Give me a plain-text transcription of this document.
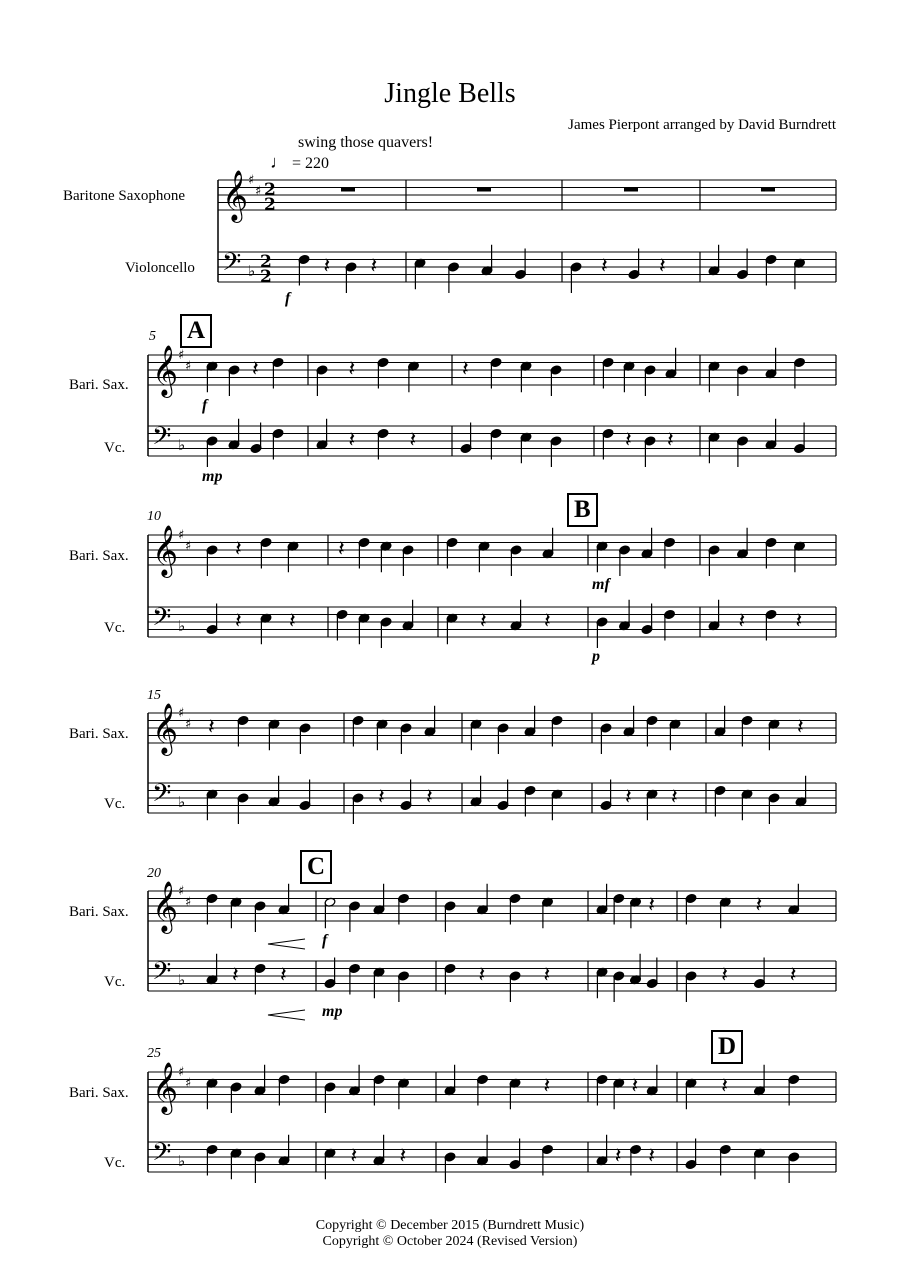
Jingle Bells
James Pierpont arranged by David Burndrett
swing those quavers!
♩ = 220
Baritone Saxophone
Violoncello
Bari. Sax.
Vc.
Bari. Sax.
Vc.
Bari. Sax.
Vc.
Bari. Sax.
Vc.
Bari. Sax.
Vc.
5
10
15
20
25
A
B
C
D
f
f
mp
mf
p
f
mp
Copyright © December 2015 (Burndrett Music)
Copyright © October 2024 (Revised Version)
𝄞
𝄢
♯
♯
♭
2
2
2
2 𝄽 𝄽	𝄽 𝄽
𝄞
𝄢
♯
♯
♭
𝄽	𝄽
𝄽 𝄽
𝄽
𝄽 𝄽
𝄞
𝄢
♯
♯
♭
𝄽
𝄽 𝄽
𝄽
𝄽	𝄽	𝄽 𝄽
𝄞
𝄢
♯
♯
♭
𝄽
𝄽 𝄽	𝄽 𝄽
𝄽
𝄞
𝄢
♯
♯
♭ 𝄽 𝄽	𝄽	𝄽
𝄽	𝄽
𝄽	𝄽
𝄞
𝄢
♯
♯
♭	𝄽 𝄽
𝄽	𝄽
𝄽 𝄽
𝄽
